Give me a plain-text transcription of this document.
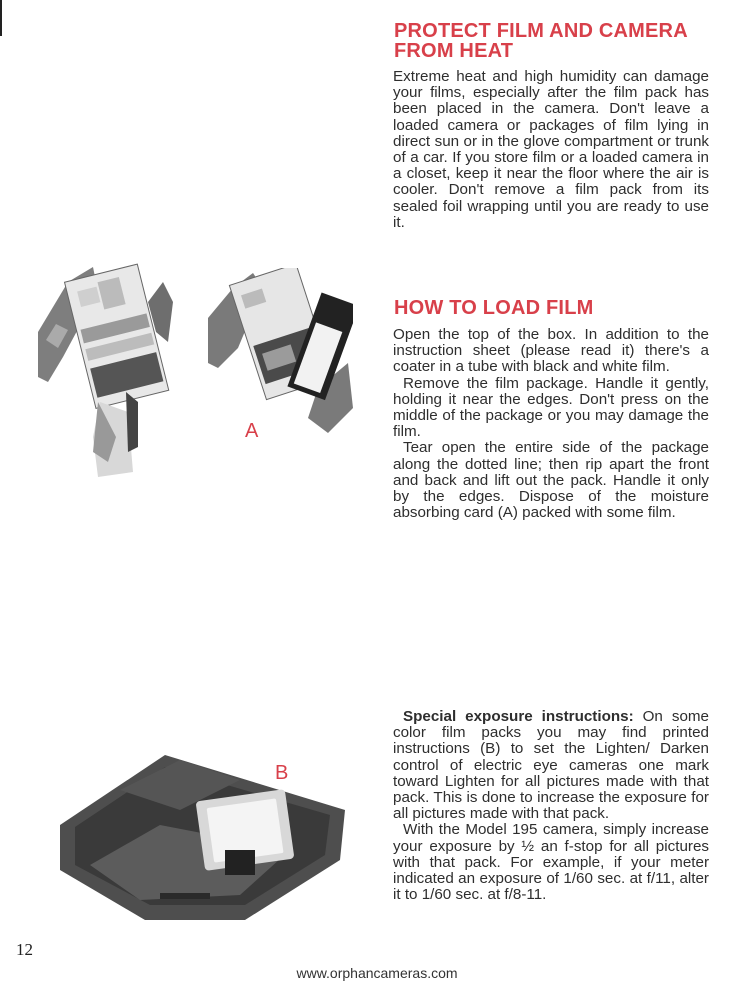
PROTECT FILM AND CAMERA
FROM HEAT

Extreme heat and high humidity can damage your films, especially after the film pack has been placed in the camera. Don't leave a loaded camera or packages of film lying in direct sun or in the glove compartment or trunk of a car. If you store film or a loaded camera in a closet, keep it near the floor where the air is cooler. Don't remove a film pack from its sealed foil wrapping until you are ready to use it.

HOW TO LOAD FILM

Open the top of the box. In addition to the instruction sheet (please read it) there's a coater in a tube with black and white film.

Remove the film package. Handle it gently, holding it near the edges. Don't press on the middle of the package or you may damage the film.

Tear open the entire side of the package along the dotted line; then rip apart the front and back and lift out the pack. Handle it only by the edges. Dispose of the moisture absorbing card (A) packed with some film.

Special exposure instructions: On some color film packs you may find printed instructions (B) to set the Lighten/ Darken control of electric eye cameras one mark toward Lighten for all pictures made with that pack. This is done to increase the exposure for all pictures made with that pack.

With the Model 195 camera, simply increase your exposure by ½ an f-stop for all pictures with that pack. For example, if your meter indicated an exposure of 1/60 sec. at f/11, alter it to 1/60 sec. at f/8-11.

A
B
12
www.orphancameras.com
